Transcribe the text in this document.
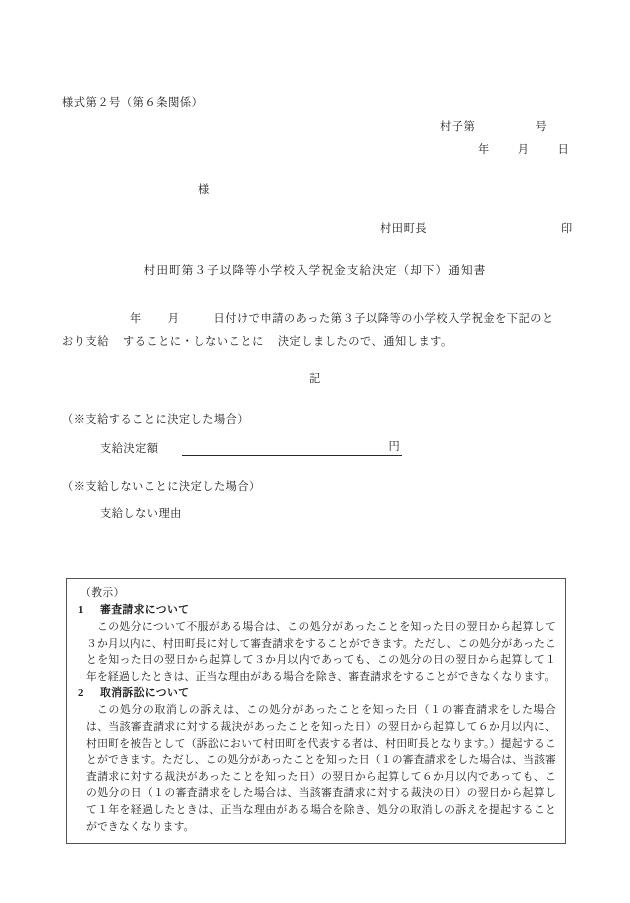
様式第２号（第６条関係）
村子第	号
年	月	日
様
村田町長	印
村田町第３子以降等小学校入学祝金支給決定（却下）通知書
年 月	日付けで申請のあった第３子以降等の小学校入学祝金を下記のと
おり支給 することに・しないことに 決定しましたので、通知します。
記
（※支給することに決定した場合）
支給決定額	円
（※支給しないことに決定した場合）
支給しない理由
（教示）
1 審査請求について

この処分について不服がある場合は、この処分があったことを知った日の翌日から起算して３か月以内に、村田町長に対して審査請求をすることができます。ただし、この処分があったことを知った日の翌日から起算して３か月以内であっても、この処分の日の翌日から起算して１年を経過したときは、正当な理由がある場合を除き、審査請求をすることができなくなります。

2 取消訴訟について

この処分の取消しの訴えは、この処分があったことを知った日（１の審査請求をした場合は、当該審査請求に対する裁決があったことを知った日）の翌日から起算して６か月以内に、村田町を被告として（訴訟において村田町を代表する者は、村田町長となります。）提起することができます。ただし、この処分があったことを知った日（１の審査請求をした場合は、当該審査請求に対する裁決があったことを知った日）の翌日から起算して６か月以内であっても、この処分の日（１の審査請求をした場合は、当該審査請求に対する裁決の日）の翌日から起算して１年を経過したときは、正当な理由がある場合を除き、処分の取消しの訴えを提起することができなくなります。
